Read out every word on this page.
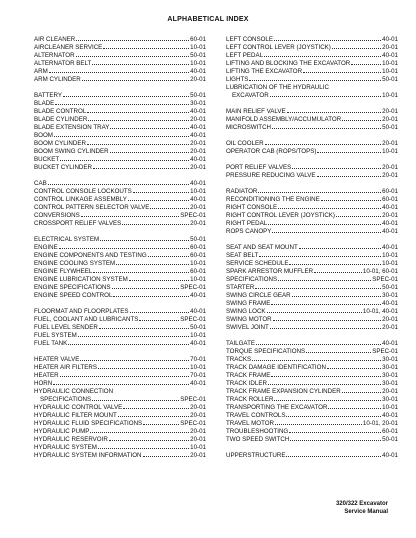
ALPHABETICAL INDEX
AIR CLEANER	60-01
AIRCLEANER SERVICE	10-01
ALTERNATOR	50-01
ALTERNATOR BELT	10-01
ARM	40-01
ARM CYLINDER	20-01
BATTERY	50-01
BLADE	30-01
BLADE CONTROL	40-01
BLADE CYLINDER	20-01
BLADE EXTENSION TRAY	40-01
BOOM	40-01
BOOM CYLINDER	20-01
BOOM SWING CYLINDER	20-01
BUCKET	40-01
BUCKET CYLINDER	20-01
CAB	40-01
CONTROL CONSOLE LOCKOUTS	10-01
CONTROL LINKAGE ASSEMBLY	40-01
CONTROL PATTERN SELECTOR VALVE	20-01
CONVERSIONS	SPEC-01
CROSSPORT RELIEF VALVES	20-01
ELECTRICAL SYSTEM	50-01
ENGINE	60-01
ENGINE COMPONENTS AND TESTING	60-01
ENGINE COOLING SYSTEM	10-01
ENGINE FLYWHEEL	60-01
ENGINE LUBRICATION SYSTEM	10-01
ENGINE SPECIFICATIONS	SPEC-01
ENGINE SPEED CONTROL	40-01
FLOORMAT AND FLOORPLATES	40-01
FUEL, COOLANT AND LUBRICANTS	SPEC-01
FUEL LEVEL SENDER	50-01
FUEL SYSTEM	10-01
FUEL TANK	40-01
HEATER VALVE	70-01
HEATER AIR FILTERS	10-01
HEATER	70-01
HORN	40-01
HYDRAULIC CONNECTION
SPECIFICATIONS	SPEC-01
HYDRAULIC CONTROL VALVE	20-01
HYDRAULIC FILTER MOUNT	20-01
HYDRAULIC FLUID SPECIFICATIONS	SPEC-01
HYDRAULIC PUMP	20-01
HYDRAULIC RESERVOIR	20-01
HYDRAULIC SYSTEM	10-01
HYDRAULIC SYSTEM INFORMATION	20-01
LEFT CONSOLE	40-01
LEFT CONTROL LEVER (JOYSTICK)	20-01
LEFT PEDAL	40-01
LIFTING AND BLOCKING THE EXCAVATOR	10-01
LIFTING THE EXCAVATOR	10-01
LIGHTS	50-01
LUBRICATION OF THE HYDRAULIC
EXCAVATOR	10-01
MAIN RELIEF VALVE	20-01
MANIFOLD ASSEMBLY/ACCUMULATOR	20-01
MICROSWITCH	50-01
OIL COOLER	20-01
OPERATOR CAB (ROPS/TOPS)	10-01
PORT RELIEF VALVES	20-01
PRESSURE REDUCING VALVE	20-01
RADIATOR	60-01
RECONDITIONING THE ENGINE	60-01
RIGHT CONSOLE	40-01
RIGHT CONTROL LEVER (JOYSTICK)	20-01
RIGHT PEDAL	40-01
ROPS CANOPY	40-01
SEAT AND SEAT MOUNT	40-01
SEAT BELT	10-01
SERVICE SCHEDULE	10-01
SPARK ARRESTOR MUFFLER	10-01, 60-01
SPECIFICATIONS	SPEC-01
STARTER	50-01
SWING CIRCLE GEAR	30-01
SWING FRAME	40-01
SWING LOCK	10-01, 40-01
SWING MOTOR	20-01
SWIVEL JOINT	20-01
TAILGATE	40-01
TORQUE SPECIFICATIONS	SPEC-01
TRACKS	30-01
TRACK DAMAGE IDENTIFICATION	30-01
TRACK FRAME	30-01
TRACK IDLER	30-01
TRACK FRAME EXPANSION CYLINDER	20-01
TRACK ROLLER	30-01
TRANSPORTING THE EXCAVATOR	10-01
TRAVEL CONTROLS	40-01
TRAVEL MOTOR	10-01, 20-01
TROUBLESHOOTING	60-01
TWO SPEED SWITCH	50-01
UPPERSTRUCTURE	40-01
320/322 Excavator
Service Manual
